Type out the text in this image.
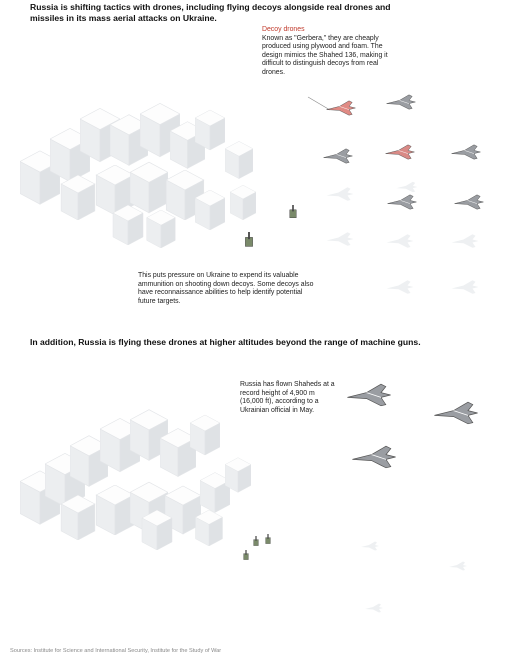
Russia is shifting tactics with drones, including flying decoys alongside real drones and missiles in its mass aerial attacks on Ukraine.
Decoy drones
Known as "Gerbera," they are cheaply produced using plywood and foam. The design mimics the Shahed 136, making it difficult to distinguish decoys from real drones.
This puts pressure on Ukraine to expend its valuable ammunition on shooting down decoys. Some decoys also have reconnaissance abilities to help identify potential future targets.
In addition, Russia is flying these drones at higher altitudes beyond the range of machine guns.
Russia has flown Shaheds at a record height of 4,900 m (16,000 ft), according to a Ukrainian official in May.
Sources: Institute for Science and International Security, Institute for the Study of War
